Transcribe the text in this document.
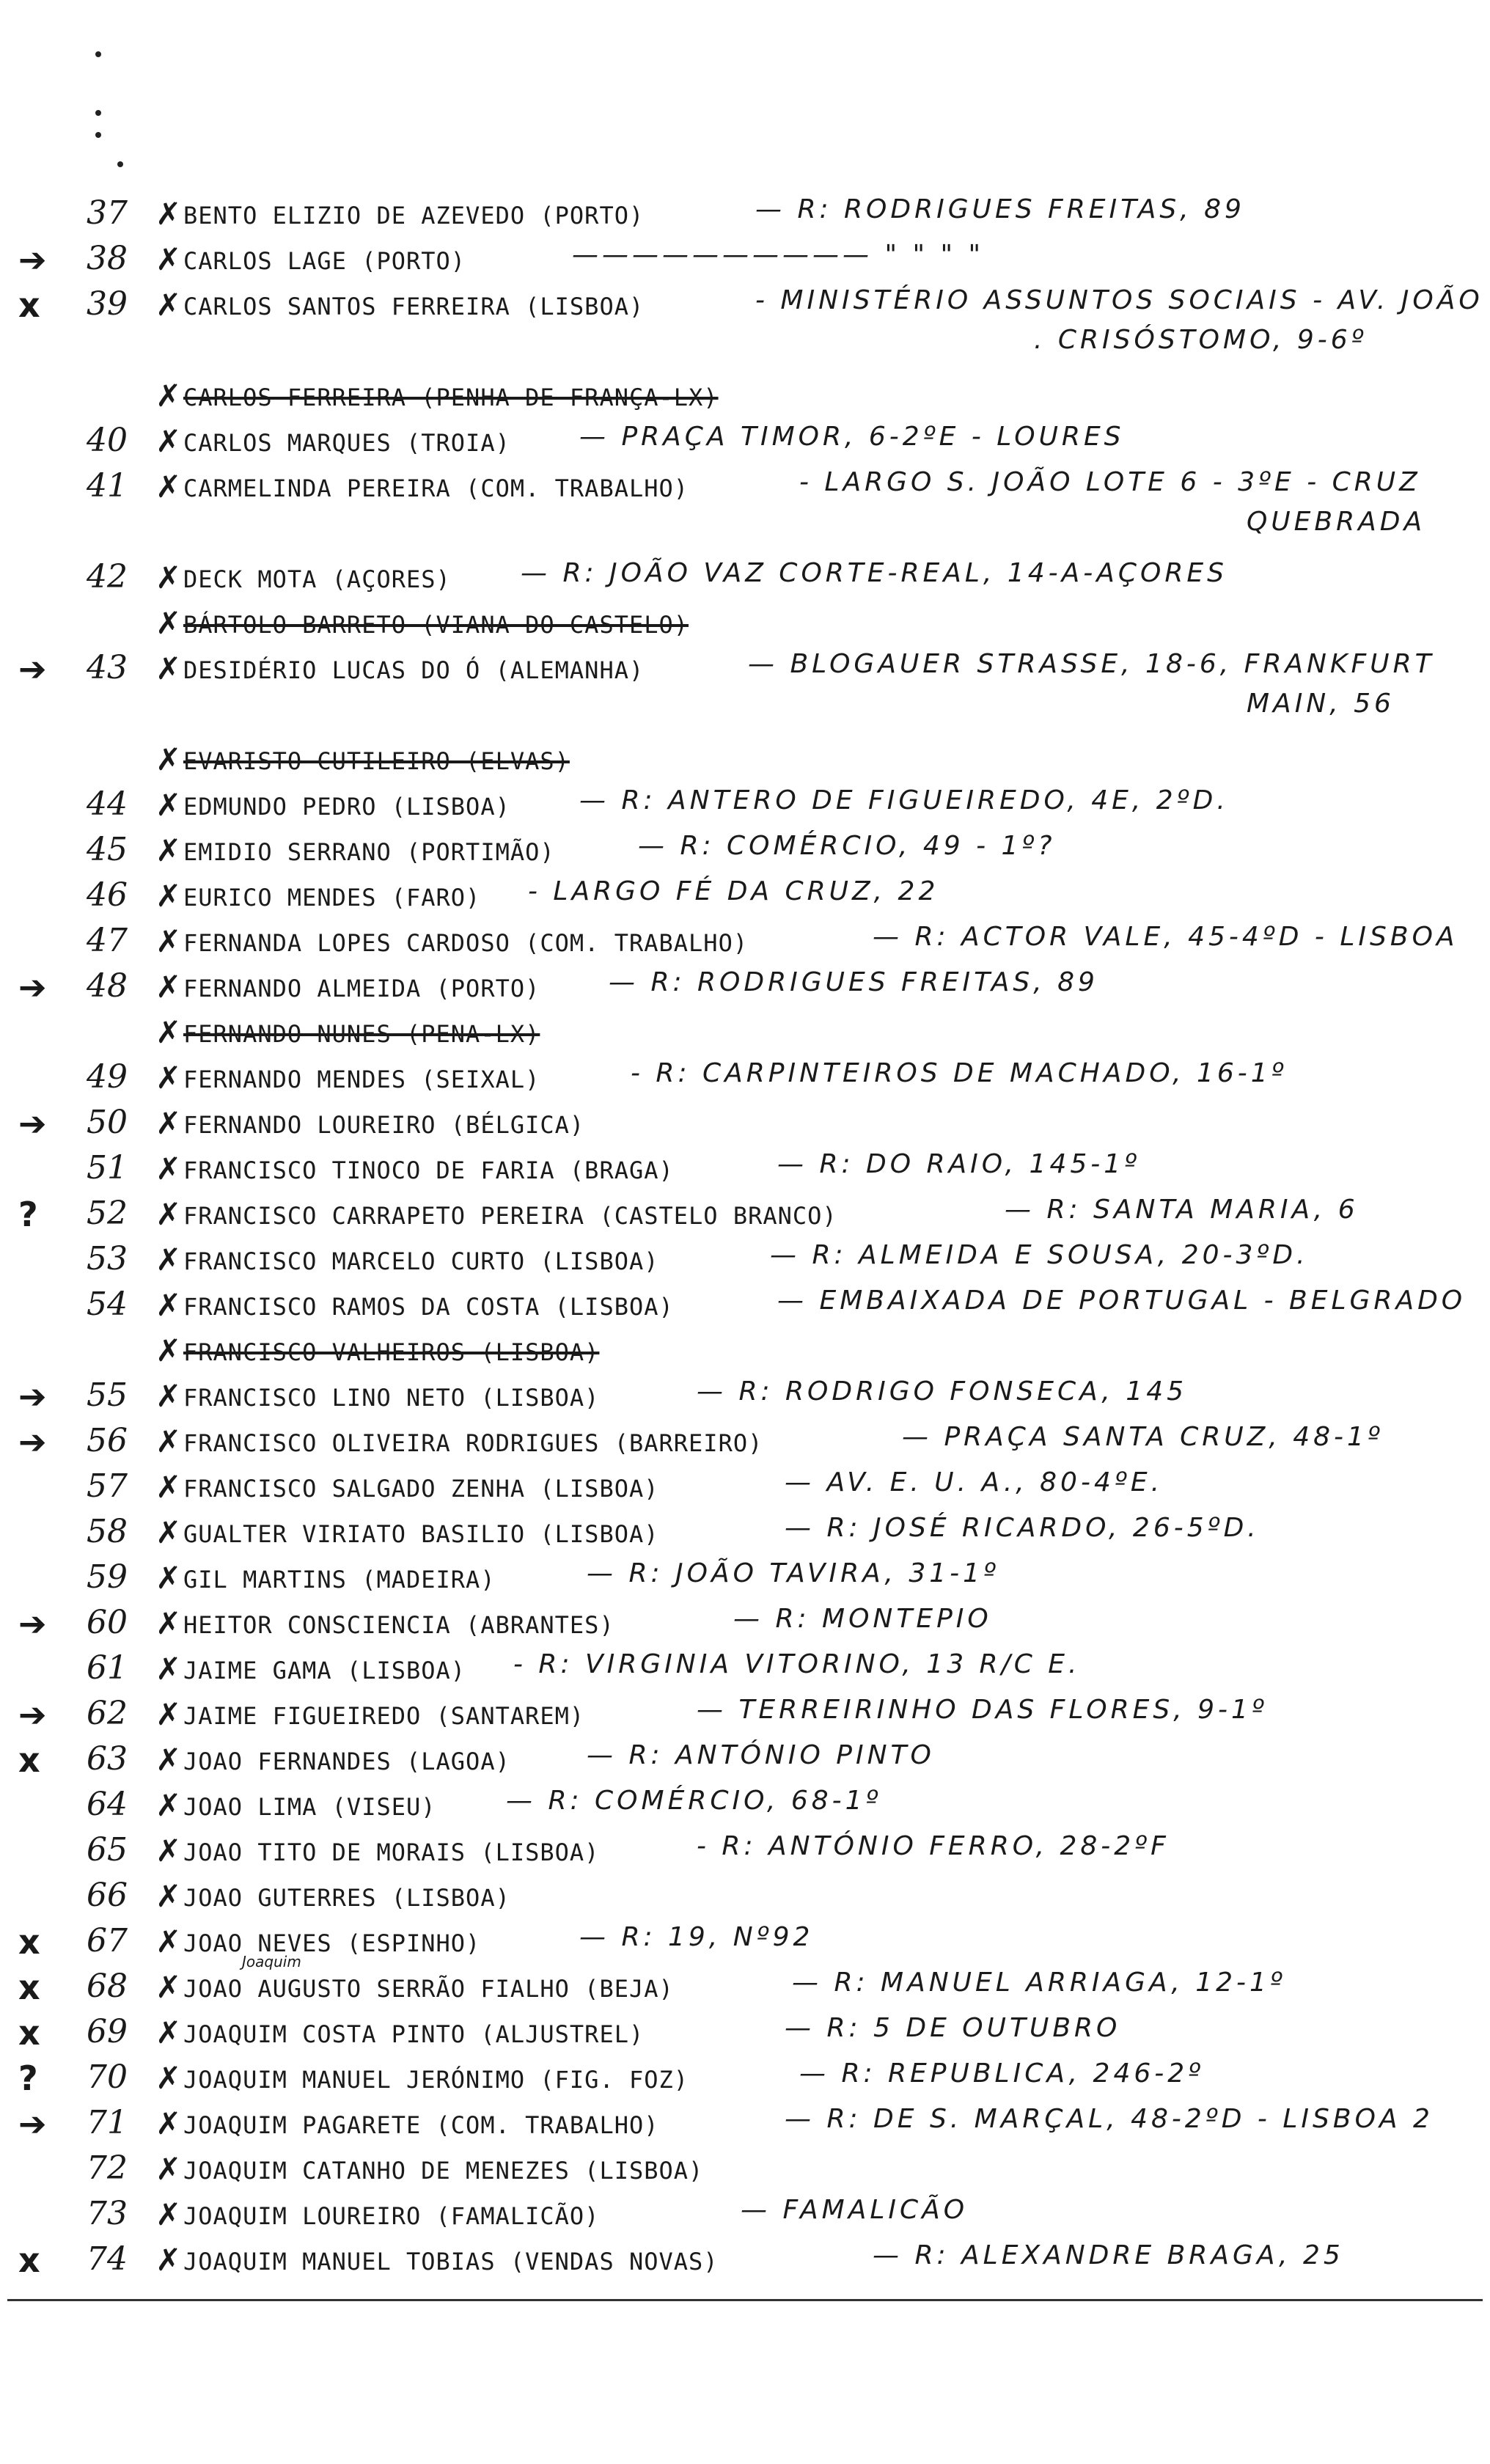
37 ✗ BENTO ELIZIO DE AZEVEDO (PORTO)	— R: RODRIGUES FREITAS, 89
➔ 38 ✗ CARLOS LAGE (PORTO)	—————————— " " " "
x 39 ✗ CARLOS SANTOS FERREIRA (LISBOA)	- MINISTÉRIO ASSUNTOS SOCIAIS - AV. JOÃO
. CRISÓSTOMO, 9-6º
✗ CARLOS FERREIRA (PENHA DE FRANÇA-LX)
40 ✗ CARLOS MARQUES (TROIA)	— PRAÇA TIMOR, 6-2ºE - LOURES
41 ✗ CARMELINDA PEREIRA (COM. TRABALHO)	- LARGO S. JOÃO LOTE 6 - 3ºE - CRUZ
QUEBRADA
42 ✗ DECK MOTA (AÇORES)	— R: JOÃO VAZ CORTE-REAL, 14-A-AÇORES
✗ BÁRTOLO BARRETO (VIANA DO CASTELO)
➔ 43 ✗ DESIDÉRIO LUCAS DO Ó (ALEMANHA)	— BLOGAUER STRASSE, 18-6, FRANKFURT
MAIN, 56
✗ EVARISTO CUTILEIRO (ELVAS)
44 ✗ EDMUNDO PEDRO (LISBOA)	— R: ANTERO DE FIGUEIREDO, 4E, 2ºD.
45 ✗ EMIDIO SERRANO (PORTIMÃO)	— R: COMÉRCIO, 49 - 1º?
46 ✗ EURICO MENDES (FARO) - LARGO FÉ DA CRUZ, 22
47 ✗ FERNANDA LOPES CARDOSO (COM. TRABALHO)	— R: ACTOR VALE, 45-4ºD - LISBOA
➔ 48 ✗ FERNANDO ALMEIDA (PORTO)	— R: RODRIGUES FREITAS, 89
✗ FERNANDO NUNES (PENA-LX)
49 ✗ FERNANDO MENDES (SEIXAL)	- R: CARPINTEIROS DE MACHADO, 16-1º
➔ 50 ✗ FERNANDO LOUREIRO (BÉLGICA)
51 ✗ FRANCISCO TINOCO DE FARIA (BRAGA)	— R: DO RAIO, 145-1º
? 52 ✗ FRANCISCO CARRAPETO PEREIRA (CASTELO BRANCO)	— R: SANTA MARIA, 6
53 ✗ FRANCISCO MARCELO CURTO (LISBOA)	— R: ALMEIDA E SOUSA, 20-3ºD.
54 ✗ FRANCISCO RAMOS DA COSTA (LISBOA)	— EMBAIXADA DE PORTUGAL - BELGRADO
✗ FRANCISCO VALHEIROS (LISBOA)
➔ 55 ✗ FRANCISCO LINO NETO (LISBOA)	— R: RODRIGO FONSECA, 145
➔ 56 ✗ FRANCISCO OLIVEIRA RODRIGUES (BARREIRO)	— PRAÇA SANTA CRUZ, 48-1º
57 ✗ FRANCISCO SALGADO ZENHA (LISBOA)	— AV. E. U. A., 80-4ºE.
58 ✗ GUALTER VIRIATO BASILIO (LISBOA)	— R: JOSÉ RICARDO, 26-5ºD.
59 ✗ GIL MARTINS (MADEIRA)	— R: JOÃO TAVIRA, 31-1º
➔ 60 ✗ HEITOR CONSCIENCIA (ABRANTES)	— R: MONTEPIO
61 ✗ JAIME GAMA (LISBOA) - R: VIRGINIA VITORINO, 13 R/C E.
➔ 62 ✗ JAIME FIGUEIREDO (SANTAREM)	— TERREIRINHO DAS FLORES, 9-1º
x 63 ✗ JOAO FERNANDES (LAGOA)	— R: ANTÓNIO PINTO
64 ✗ JOAO LIMA (VISEU)	— R: COMÉRCIO, 68-1º
65 ✗ JOAO TITO DE MORAIS (LISBOA)	- R: ANTÓNIO FERRO, 28-2ºF
66 ✗ JOAO GUTERRES (LISBOA)
x 67 ✗ JOAO NEVES (ESPINHO)	— R: 19, Nº92
x 68 ✗ JOAO AUGUSTO SERRÃO FIALHO (BEJA)	— R: MANUEL ARRIAGA, 12-1º
x 69 ✗ JOAQUIM COSTA PINTO (ALJUSTREL)	— R: 5 DE OUTUBRO
? 70 ✗ JOAQUIM MANUEL JERÓNIMO (FIG. FOZ)	— R: REPUBLICA, 246-2º
➔ 71 ✗ JOAQUIM PAGARETE (COM. TRABALHO)	— R: DE S. MARÇAL, 48-2ºD - LISBOA 2
72 ✗ JOAQUIM CATANHO DE MENEZES (LISBOA)
73 ✗ JOAQUIM LOUREIRO (FAMALICÃO)	— FAMALICÃO
x 74 ✗ JOAQUIM MANUEL TOBIAS (VENDAS NOVAS)	— R: ALEXANDRE BRAGA, 25
Joaquim
